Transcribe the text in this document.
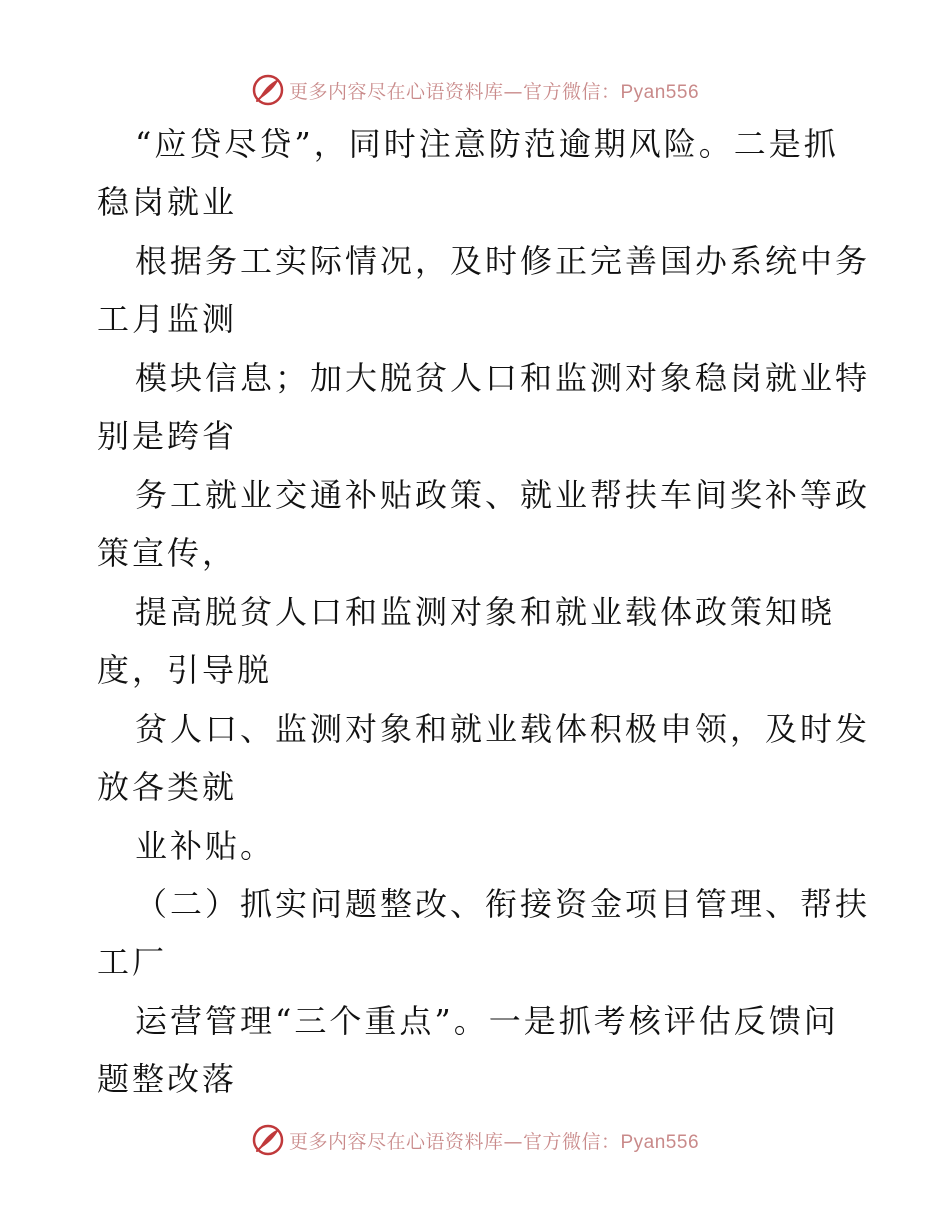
更多内容尽在心语资料库—官方微信：Pyan556
“应贷尽贷”，同时注意防范逾期风险。二是抓
稳岗就业
根据务工实际情况，及时修正完善国办系统中务
工月监测
模块信息；加大脱贫人口和监测对象稳岗就业特
别是跨省
务工就业交通补贴政策、就业帮扶车间奖补等政
策宣传，
提高脱贫人口和监测对象和就业载体政策知晓
度，引导脱
贫人口、监测对象和就业载体积极申领，及时发
放各类就
业补贴。
（二）抓实问题整改、衔接资金项目管理、帮扶
工厂
运营管理“三个重点”。一是抓考核评估反馈问
题整改落
更多内容尽在心语资料库—官方微信：Pyan556
